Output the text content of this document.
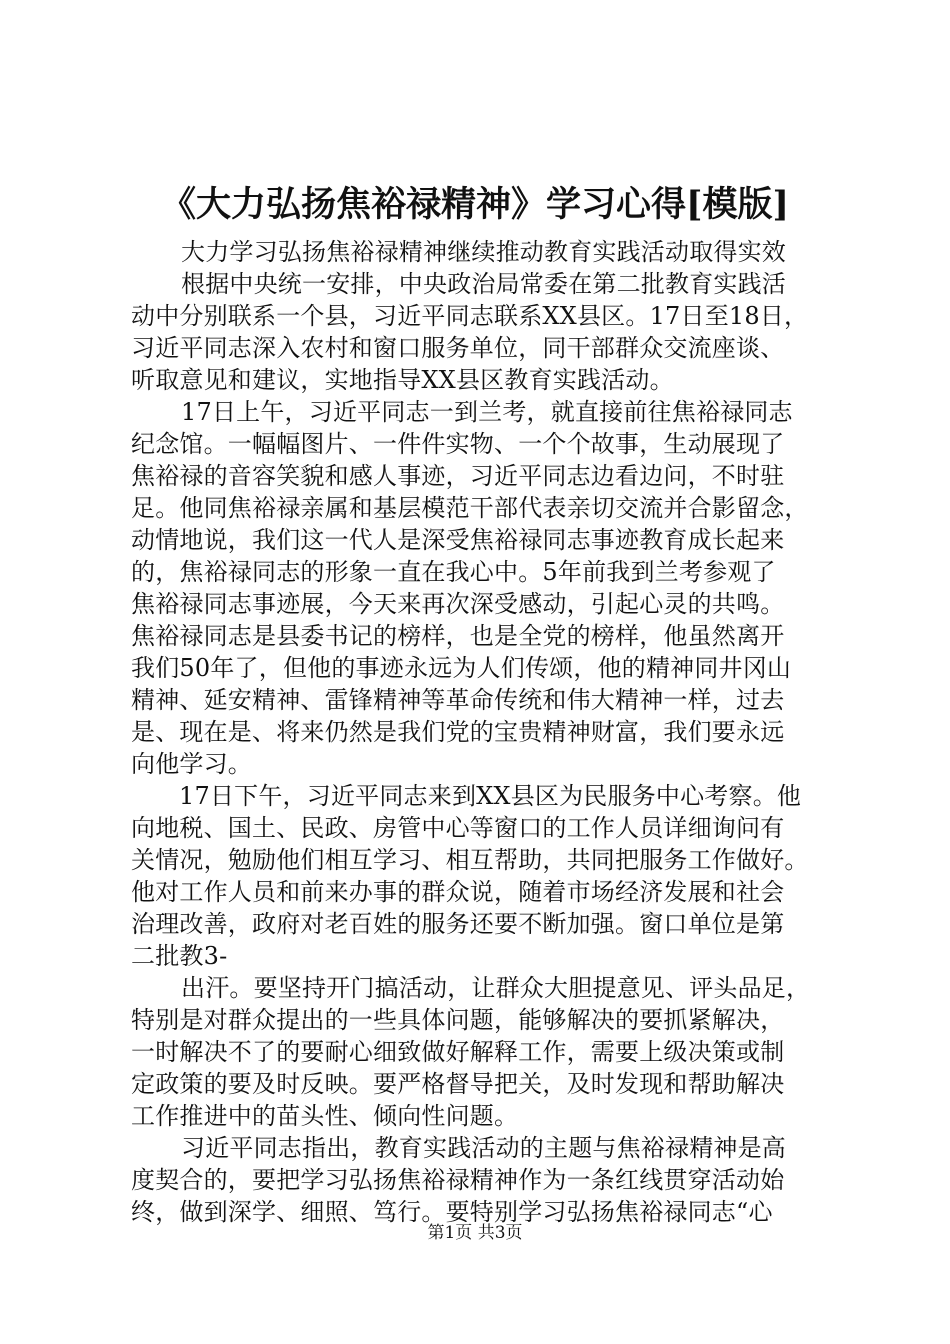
《大力弘扬焦裕禄精神》学习心得[模版]
大力学习弘扬焦裕禄精神继续推动教育实践活动取得实效
根据中央统一安排，中央政治局常委在第二批教育实践活
动中分别联系一个县，习近平同志联系XX县区。17日至18日，
习近平同志深入农村和窗口服务单位，同干部群众交流座谈、
听取意见和建议，实地指导XX县区教育实践活动。
17日上午，习近平同志一到兰考，就直接前往焦裕禄同志
纪念馆。一幅幅图片、一件件实物、一个个故事，生动展现了
焦裕禄的音容笑貌和感人事迹，习近平同志边看边问，不时驻
足。他同焦裕禄亲属和基层模范干部代表亲切交流并合影留念，
动情地说，我们这一代人是深受焦裕禄同志事迹教育成长起来
的，焦裕禄同志的形象一直在我心中。5年前我到兰考参观了
焦裕禄同志事迹展，今天来再次深受感动，引起心灵的共鸣。
焦裕禄同志是县委书记的榜样，也是全党的榜样，他虽然离开
我们50年了，但他的事迹永远为人们传颂，他的精神同井冈山
精神、延安精神、雷锋精神等革命传统和伟大精神一样，过去
是、现在是、将来仍然是我们党的宝贵精神财富，我们要永远
向他学习。
17日下午，习近平同志来到XX县区为民服务中心考察。他
向地税、国土、民政、房管中心等窗口的工作人员详细询问有
关情况，勉励他们相互学习、相互帮助，共同把服务工作做好。
他对工作人员和前来办事的群众说，随着市场经济发展和社会
治理改善，政府对老百姓的服务还要不断加强。窗口单位是第
二批教3-
出汗。要坚持开门搞活动，让群众大胆提意见、评头品足，
特别是对群众提出的一些具体问题，能够解决的要抓紧解决，
一时解决不了的要耐心细致做好解释工作，需要上级决策或制
定政策的要及时反映。要严格督导把关，及时发现和帮助解决
工作推进中的苗头性、倾向性问题。
习近平同志指出，教育实践活动的主题与焦裕禄精神是高
度契合的，要把学习弘扬焦裕禄精神作为一条红线贯穿活动始
终，做到深学、细照、笃行。要特别学习弘扬焦裕禄同志“心
第1页 共3页
